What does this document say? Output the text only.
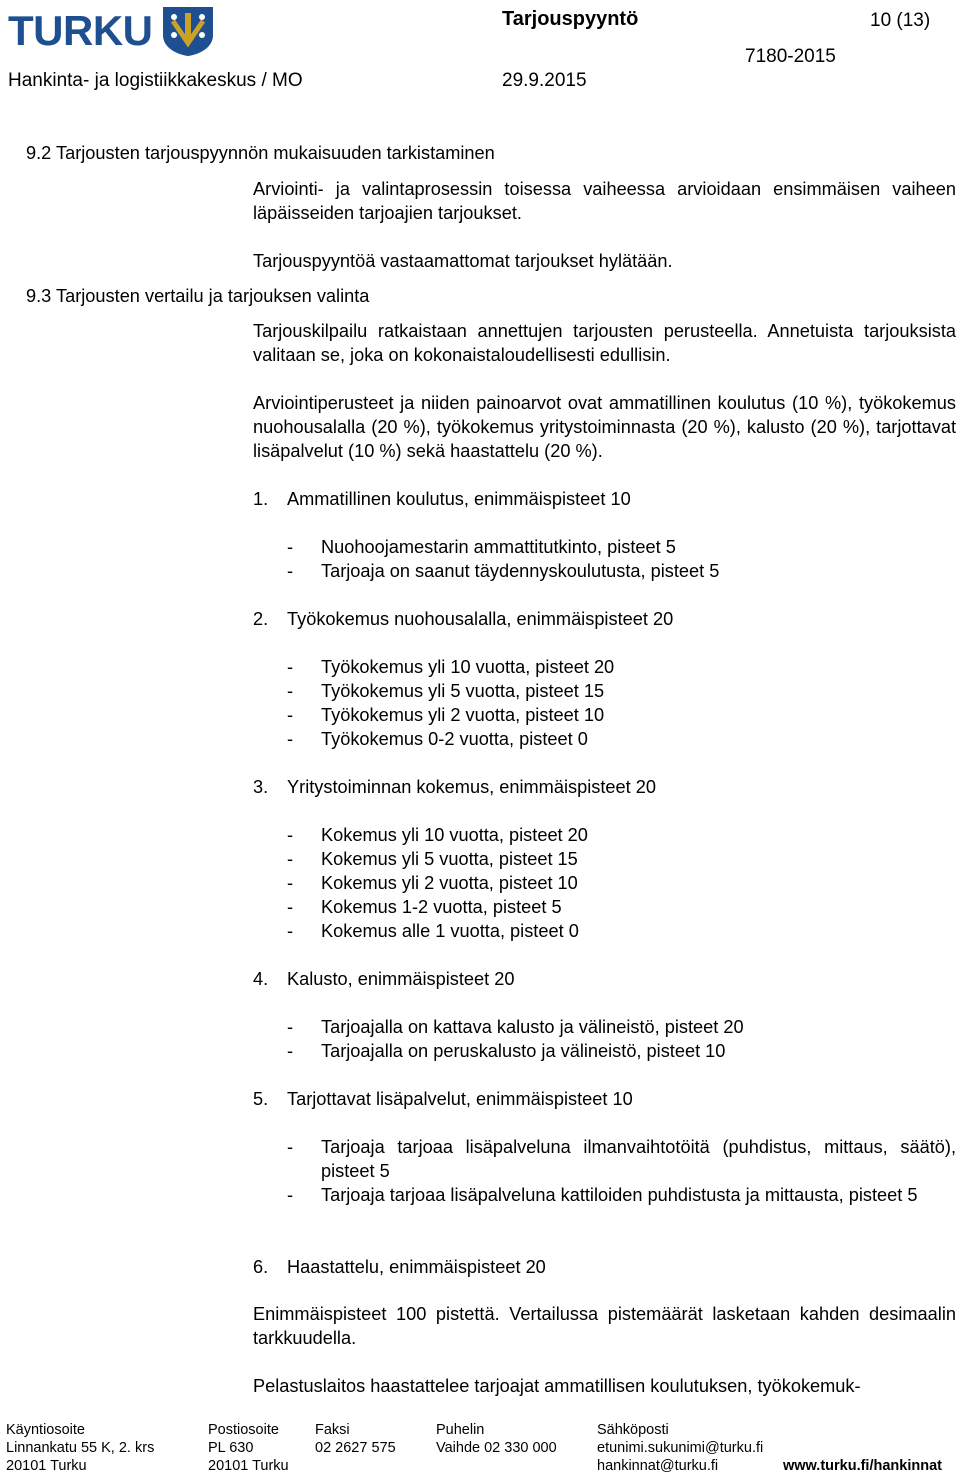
TURKU
Hankinta- ja logistiikkakeskus / MO
Tarjouspyyntö	10 (13)
7180-2015
29.9.2015
9.2 Tarjousten tarjouspyynnön mukaisuuden tarkistaminen
Arviointi- ja valintaprosessin toisessa vaiheessa arvioidaan ensimmäisen vaiheen läpäisseiden tarjoajien tarjoukset.
Tarjouspyyntöä vastaamattomat tarjoukset hylätään.
9.3 Tarjousten vertailu ja tarjouksen valinta
Tarjouskilpailu ratkaistaan annettujen tarjousten perusteella. Annetuista tarjouksista valitaan se, joka on kokonaistaloudellisesti edullisin.
Arviointiperusteet ja niiden painoarvot ovat ammatillinen koulutus (10 %), työkokemus nuohousalalla (20 %), työkokemus yritystoiminnasta (20 %), kalusto (20 %), tarjottavat lisäpalvelut (10 %) sekä haastattelu (20 %).
1. Ammatillinen koulutus, enimmäispisteet 10
- Nuohoojamestarin ammattitutkinto, pisteet 5
- Tarjoaja on saanut täydennyskoulutusta, pisteet 5
2. Työkokemus nuohousalalla, enimmäispisteet 20
- Työkokemus yli 10 vuotta, pisteet 20
- Työkokemus yli 5 vuotta, pisteet 15
- Työkokemus yli 2 vuotta, pisteet 10
- Työkokemus 0-2 vuotta, pisteet 0
3. Yritystoiminnan kokemus, enimmäispisteet 20
- Kokemus yli 10 vuotta, pisteet 20
- Kokemus yli 5 vuotta, pisteet 15
- Kokemus yli 2 vuotta, pisteet 10
- Kokemus 1-2 vuotta, pisteet 5
- Kokemus alle 1 vuotta, pisteet 0
4. Kalusto, enimmäispisteet 20
- Tarjoajalla on kattava kalusto ja välineistö, pisteet 20
- Tarjoajalla on peruskalusto ja välineistö, pisteet 10
5. Tarjottavat lisäpalvelut, enimmäispisteet 10
- Tarjoaja tarjoaa lisäpalveluna ilmanvaihtotöitä (puhdistus, mittaus, säätö), pisteet 5
- Tarjoaja tarjoaa lisäpalveluna kattiloiden puhdistusta ja mittausta, pisteet 5
6. Haastattelu, enimmäispisteet 20
Enimmäispisteet 100 pistettä. Vertailussa pistemäärät lasketaan kahden desimaalin tarkkuudella.
Pelastuslaitos haastattelee tarjoajat ammatillisen koulutuksen, työkokemuk-
Käyntiosoite
Linnankatu 55 K, 2. krs
20101 Turku
Postiosoite
PL 630
20101 Turku
Faksi
02 2627 575
Puhelin
Vaihde 02 330 000
Sähköposti
etunimi.sukunimi@turku.fi
hankinnat@turku.fi	www.turku.fi/hankinnat
